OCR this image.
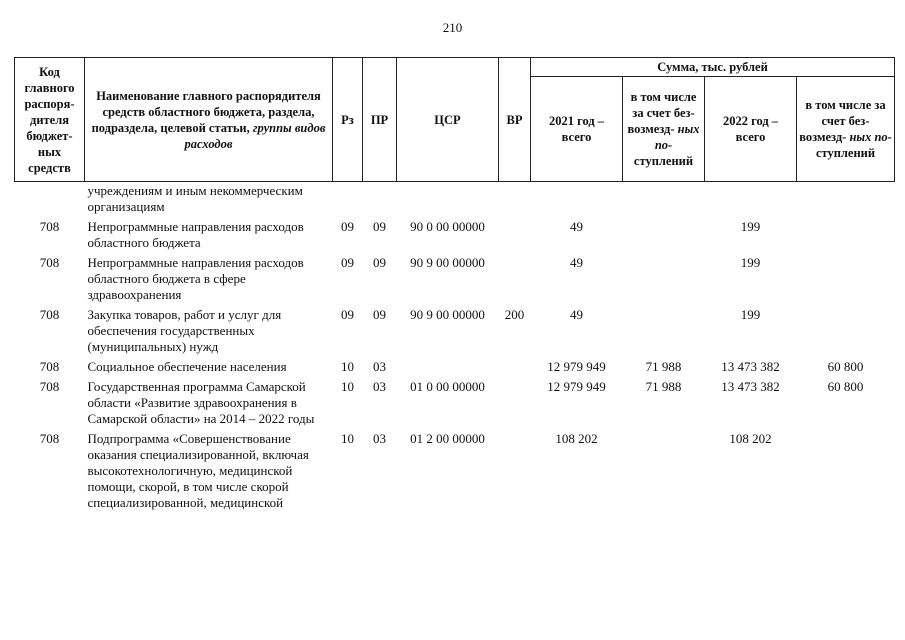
210
Код главного распоря-дителя бюджет-ных средств	Наименование главного распорядителя средств областного бюджета, раздела, подраздела, целевой статьи, группы видов расходов	Рз	ПР	ЦСР	ВР	Сумма, тыс. рублей			
						2021 год – всего	в том числе за счет без-возмезд- ных по- ступлений	2022 год – всего	в том числе за счет без-возмезд- ных по- ступлений
	учреждениям и иным некоммерческим организациям								
708	Непрограммные направления расходов областного бюджета	09	09	90 0 00 00000		49		199	
708	Непрограммные направления расходов областного бюджета в сфере здравоохранения	09	09	90 9 00 00000		49		199	
708	Закупка товаров, работ и услуг для обеспечения государственных (муниципальных) нужд	09	09	90 9 00 00000	200	49		199	
708	Социальное обеспечение населения	10	03			12 979 949	71 988	13 473 382	60 800
708	Государственная программа Самарской области «Развитие здравоохранения в Самарской области» на 2014 – 2022 годы	10	03	01 0 00 00000		12 979 949	71 988	13 473 382	60 800
708	Подпрограмма «Совершенствование оказания специализированной, включая высокотехнологичную, медицинской помощи, скорой, в том числе скорой специализированной, медицинской	10	03	01 2 00 00000		108 202		108 202	
